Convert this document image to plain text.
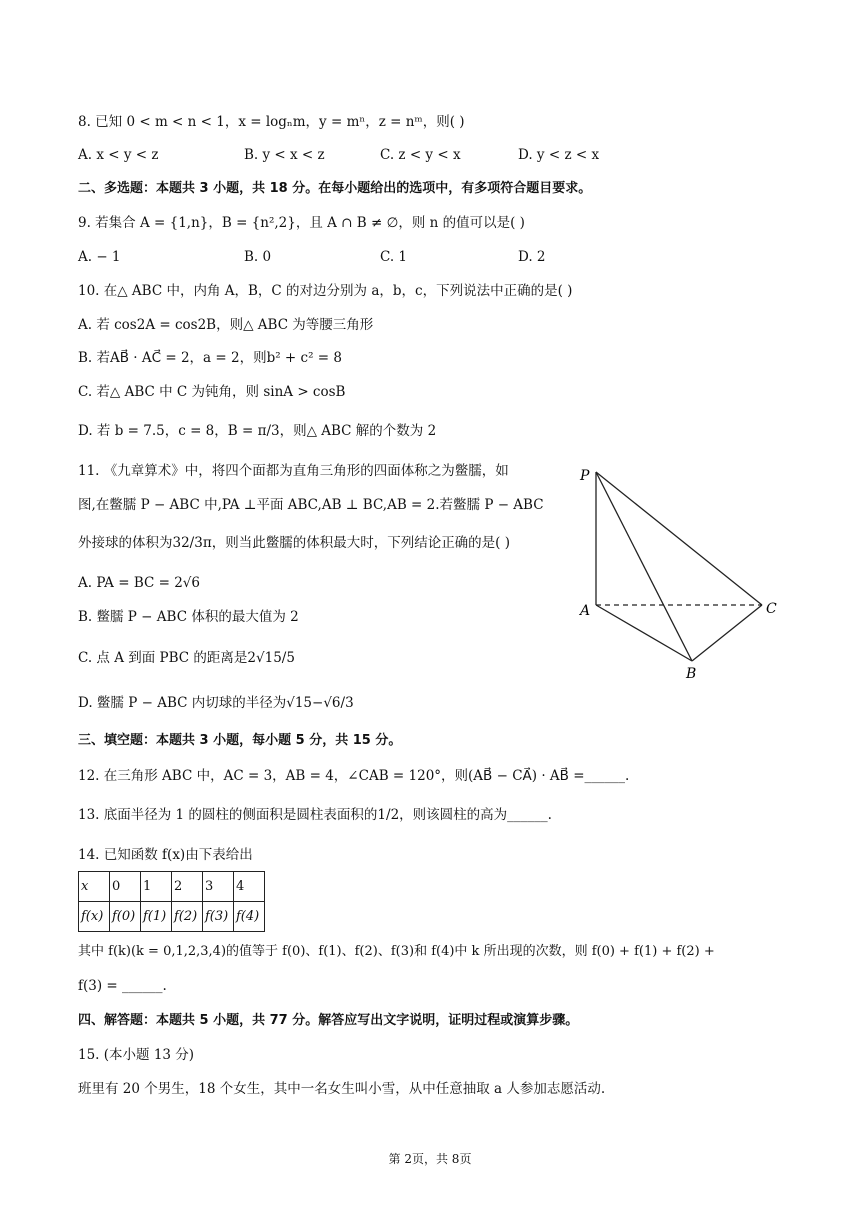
8. 已知 0 < m < n < 1，x = logₙm，y = mⁿ，z = nᵐ，则( )
A. x < y < z	B. y < x < z	C. z < y < x	D. y < z < x
二、多选题：本题共 3 小题，共 18 分。在每小题给出的选项中，有多项符合题目要求。
9. 若集合 A = {1,n}，B = {n²,2}，且 A ∩ B ≠ ∅，则 n 的值可以是( )
A. − 1	B. 0	C. 1	D. 2
10. 在△ ABC 中，内角 A，B，C 的对边分别为 a，b，c，下列说法中正确的是( )
A. 若 cos2A = cos2B，则△ ABC 为等腰三角形
B. 若AB⃗ · AC⃗ = 2，a = 2，则b² + c² = 8
C. 若△ ABC 中 C 为钝角，则 sinA > cosB
D. 若 b = 7.5，c = 8，B = π/3，则△ ABC 解的个数为 2
11. 《九章算术》中，将四个面都为直角三角形的四面体称之为鳖臑，如
图,在鳖臑 P − ABC 中,PA ⊥平面 ABC,AB ⊥ BC,AB = 2.若鳖臑 P − ABC
外接球的体积为32/3π，则当此鳖臑的体积最大时，下列结论正确的是( )
A. PA = BC = 2√6
B. 鳖臑 P − ABC 体积的最大值为 2
C. 点 A 到面 PBC 的距离是2√15/5
D. 鳖臑 P − ABC 内切球的半径为√15−√6/3
P
A
B
C
三、填空题：本题共 3 小题，每小题 5 分，共 15 分。
12. 在三角形 ABC 中，AC = 3，AB = 4，∠CAB = 120°，则(AB⃗ − CA⃗) · AB⃗ =______.
13. 底面半径为 1 的圆柱的侧面积是圆柱表面积的1/2，则该圆柱的高为______.
14. 已知函数 f(x)由下表给出
x	0	1	2	3	4
f(x)	f(0)	f(1)	f(2)	f(3)	f(4)
其中 f(k)(k = 0,1,2,3,4)的值等于 f(0)、f(1)、f(2)、f(3)和 f(4)中 k 所出现的次数，则 f(0) + f(1) + f(2) +
f(3) = ______.
四、解答题：本题共 5 小题，共 77 分。解答应写出文字说明，证明过程或演算步骤。
15. (本小题 13 分)
班里有 20 个男生，18 个女生，其中一名女生叫小雪，从中任意抽取 a 人参加志愿活动.
第 2页，共 8页
